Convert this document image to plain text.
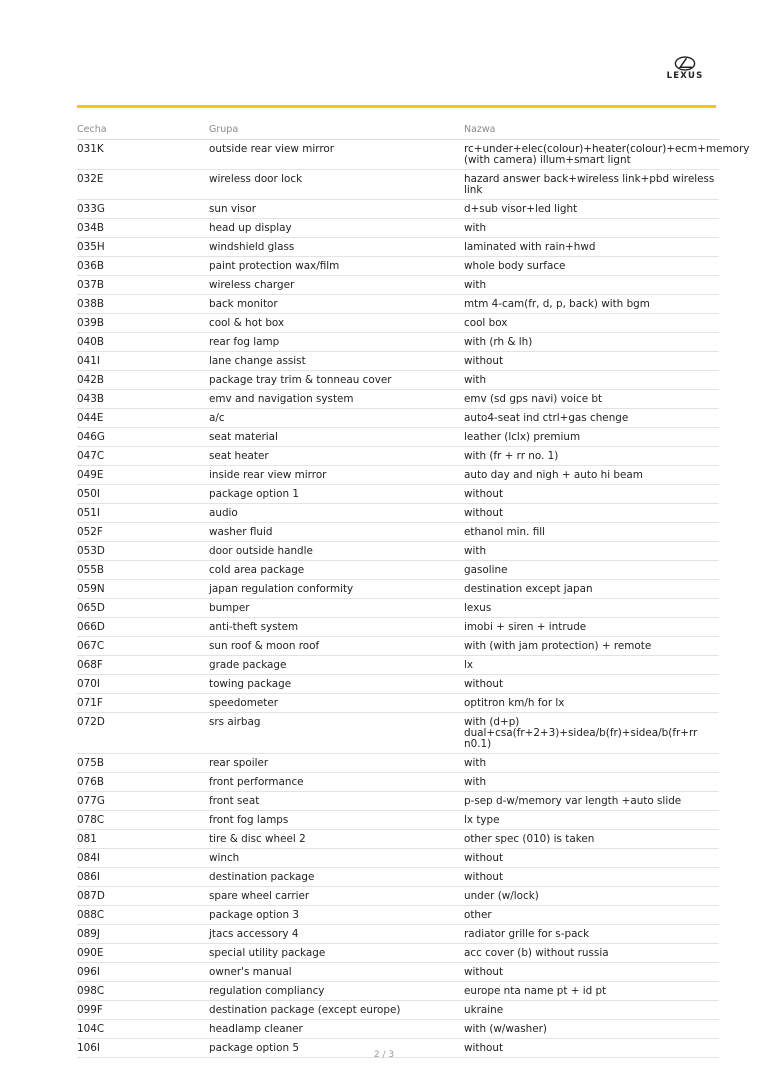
LEXUS
Cecha	Grupa	Nazwa
031K	outside rear view mirror	rc+under+elec(colour)+heater(colour)+ecm+memory (with camera) illum+smart lignt
032E	wireless door lock	hazard answer back+wireless link+pbd wireless link
033G	sun visor	d+sub visor+led light
034B	head up display	with
035H	windshield glass	laminated with rain+hwd
036B	paint protection wax/film	whole body surface
037B	wireless charger	with
038B	back monitor	mtm 4-cam(fr, d, p, back) with bgm
039B	cool & hot box	cool box
040B	rear fog lamp	with (rh & lh)
041I	lane change assist	without
042B	package tray trim & tonneau cover	with
043B	emv and navigation system	emv (sd gps navi) voice bt
044E	a/c	auto4-seat ind ctrl+gas chenge
046G	seat material	leather (lclx) premium
047C	seat heater	with (fr + rr no. 1)
049E	inside rear view mirror	auto day and nigh + auto hi beam
050I	package option 1	without
051I	audio	without
052F	washer fluid	ethanol min. fill
053D	door outside handle	with
055B	cold area package	gasoline
059N	japan regulation conformity	destination except japan
065D	bumper	lexus
066D	anti-theft system	imobi + siren + intrude
067C	sun roof & moon roof	with (with jam protection) + remote
068F	grade package	lx
070I	towing package	without
071F	speedometer	optitron km/h for lx
072D	srs airbag	with (d+p) dual+csa(fr+2+3)+sidea/b(fr)+sidea/b(fr+rr n0.1)
075B	rear spoiler	with
076B	front performance	with
077G	front seat	p-sep d-w/memory var length +auto slide
078C	front fog lamps	lx type
081	tire & disc wheel 2	other spec (010) is taken
084I	winch	without
086I	destination package	without
087D	spare wheel carrier	under (w/lock)
088C	package option 3	other
089J	jtacs accessory 4	radiator grille for s-pack
090E	special utility package	acc cover (b) without russia
096I	owner's manual	without
098C	regulation compliancy	europe nta name pt + id pt
099F	destination package (except europe)	ukraine
104C	headlamp cleaner	with (w/washer)
106I	package option 5	without
2 / 3
